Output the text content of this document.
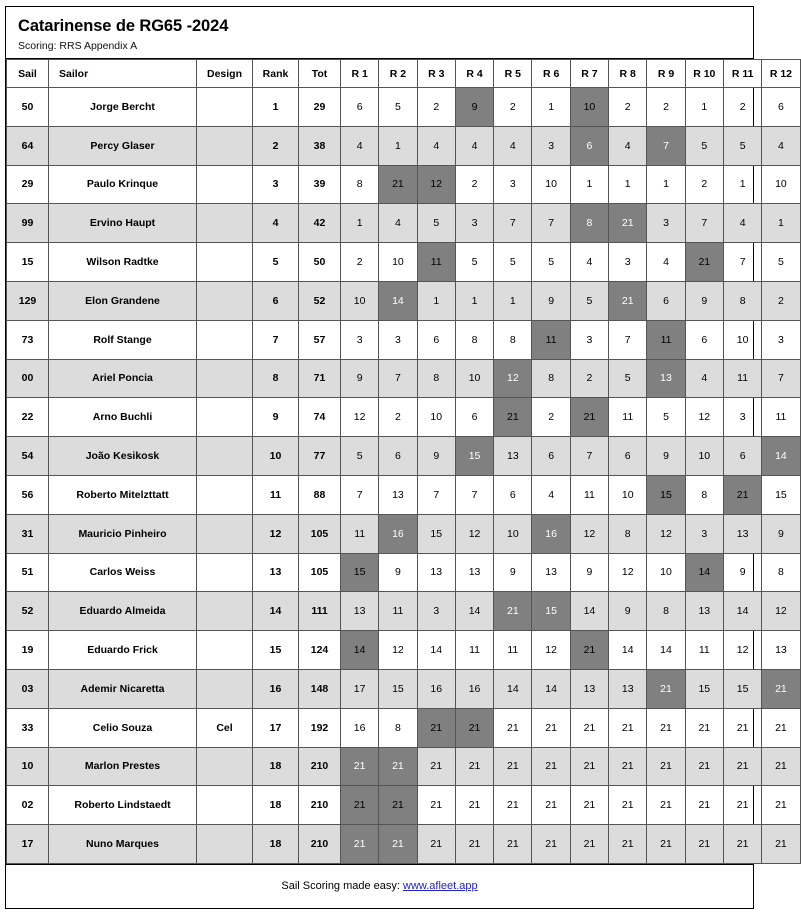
Catarinense de RG65 -2024
Scoring: RRS Appendix A
Sail	Sailor	Design	Rank	Tot	R 1	R 2	R 3	R 4	R 5	R 6	R 7	R 8	R 9	R 10	R 11	R 12
50	Jorge Bercht		1	29	6	5	2	9	2	1	10	2	2	1	2	6
64	Percy Glaser		2	38	4	1	4	4	4	3	6	4	7	5	5	4
29	Paulo Krinque		3	39	8	21	12	2	3	10	1	1	1	2	1	10
99	Ervino Haupt		4	42	1	4	5	3	7	7	8	21	3	7	4	1
15	Wilson Radtke		5	50	2	10	11	5	5	5	4	3	4	21	7	5
129	Elon Grandene		6	52	10	14	1	1	1	9	5	21	6	9	8	2
73	Rolf Stange		7	57	3	3	6	8	8	11	3	7	11	6	10	3
00	Ariel Poncia		8	71	9	7	8	10	12	8	2	5	13	4	11	7
22	Arno Buchli		9	74	12	2	10	6	21	2	21	11	5	12	3	11
54	João Kesikosk		10	77	5	6	9	15	13	6	7	6	9	10	6	14
56	Roberto Mitelzttatt		11	88	7	13	7	7	6	4	11	10	15	8	21	15
31	Mauricio Pinheiro		12	105	11	16	15	12	10	16	12	8	12	3	13	9
51	Carlos Weiss		13	105	15	9	13	13	9	13	9	12	10	14	9	8
52	Eduardo Almeida		14	111	13	11	3	14	21	15	14	9	8	13	14	12
19	Eduardo Frick		15	124	14	12	14	11	11	12	21	14	14	11	12	13
03	Ademir Nicaretta		16	148	17	15	16	16	14	14	13	13	21	15	15	21
33	Celio Souza	Cel	17	192	16	8	21	21	21	21	21	21	21	21	21	21
10	Marlon Prestes		18	210	21	21	21	21	21	21	21	21	21	21	21	21
02	Roberto Lindstaedt		18	210	21	21	21	21	21	21	21	21	21	21	21	21
17	Nuno Marques		18	210	21	21	21	21	21	21	21	21	21	21	21	21
Sail Scoring made easy: www.afleet.app
